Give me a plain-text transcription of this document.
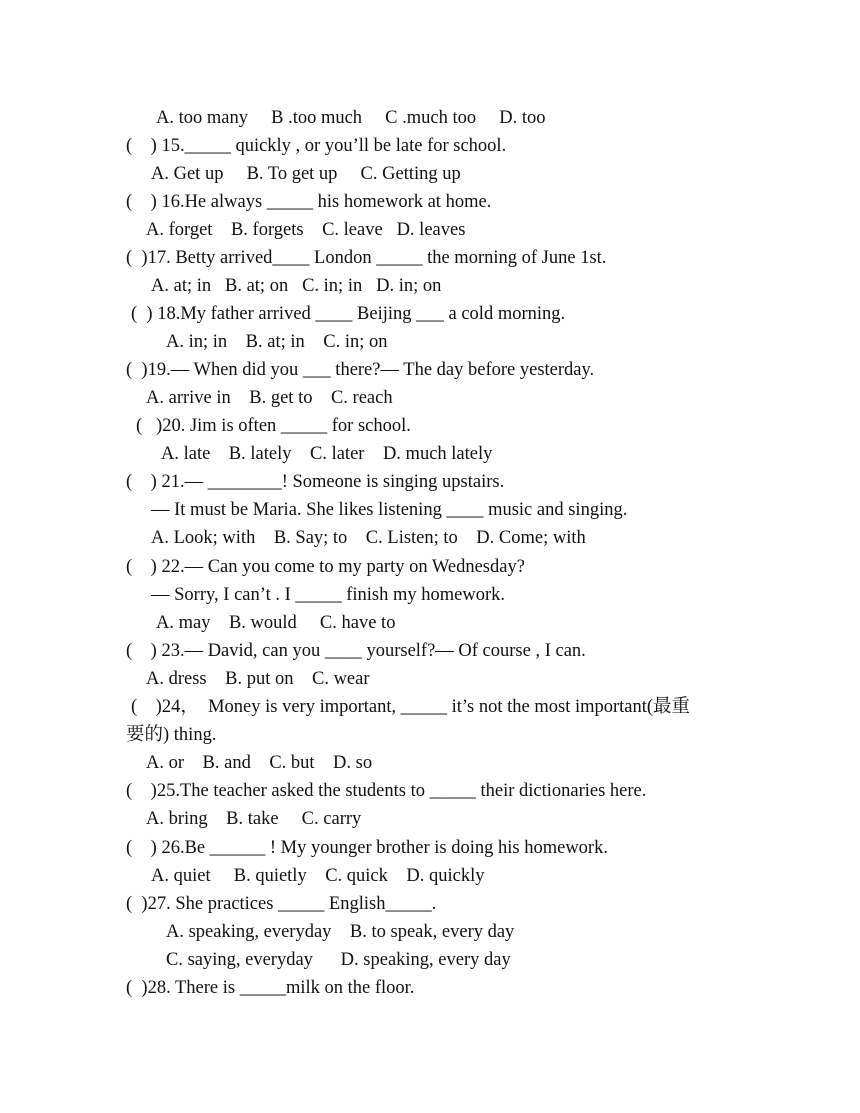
A. too many     B .too much     C .much too     D. too
(    ) 15._____ quickly , or you’ll be late for school.
A. Get up     B. To get up     C. Getting up
(    ) 16.He always _____ his homework at home.
A. forget    B. forgets    C. leave   D. leaves
(  )17. Betty arrived____ London _____ the morning of June 1st.
A. at; in   B. at; on   C. in; in   D. in; on
(  ) 18.My father arrived ____ Beijing ___ a cold morning.
A. in; in    B. at; in    C. in; on
(  )19.— When did you ___ there?— The day before yesterday.
A. arrive in    B. get to    C. reach
(   )20. Jim is often _____ for school.
A. late    B. lately    C. later    D. much lately
(    ) 21.— ________! Someone is singing upstairs.
— It must be Maria. She likes listening ____ music and singing.
A. Look; with    B. Say; to    C. Listen; to    D. Come; with
(    ) 22.— Can you come to my party on Wednesday?
— Sorry, I can’t . I _____ finish my homework.
A. may    B. would     C. have to
(    ) 23.— David, can you ____ yourself?— Of course , I can.
A. dress    B. put on    C. wear
(    )24，  Money is very important, _____ it’s not the most important(最重
要的) thing.
A. or    B. and    C. but    D. so
(    )25.The teacher asked the students to _____ their dictionaries here.
A. bring    B. take     C. carry
(    ) 26.Be ______ ! My younger brother is doing his homework.
A. quiet     B. quietly    C. quick    D. quickly
(  )27. She practices _____ English_____.
A. speaking, everyday    B. to speak, every day
C. saying, everyday      D. speaking, every day
(  )28. There is _____milk on the floor.
